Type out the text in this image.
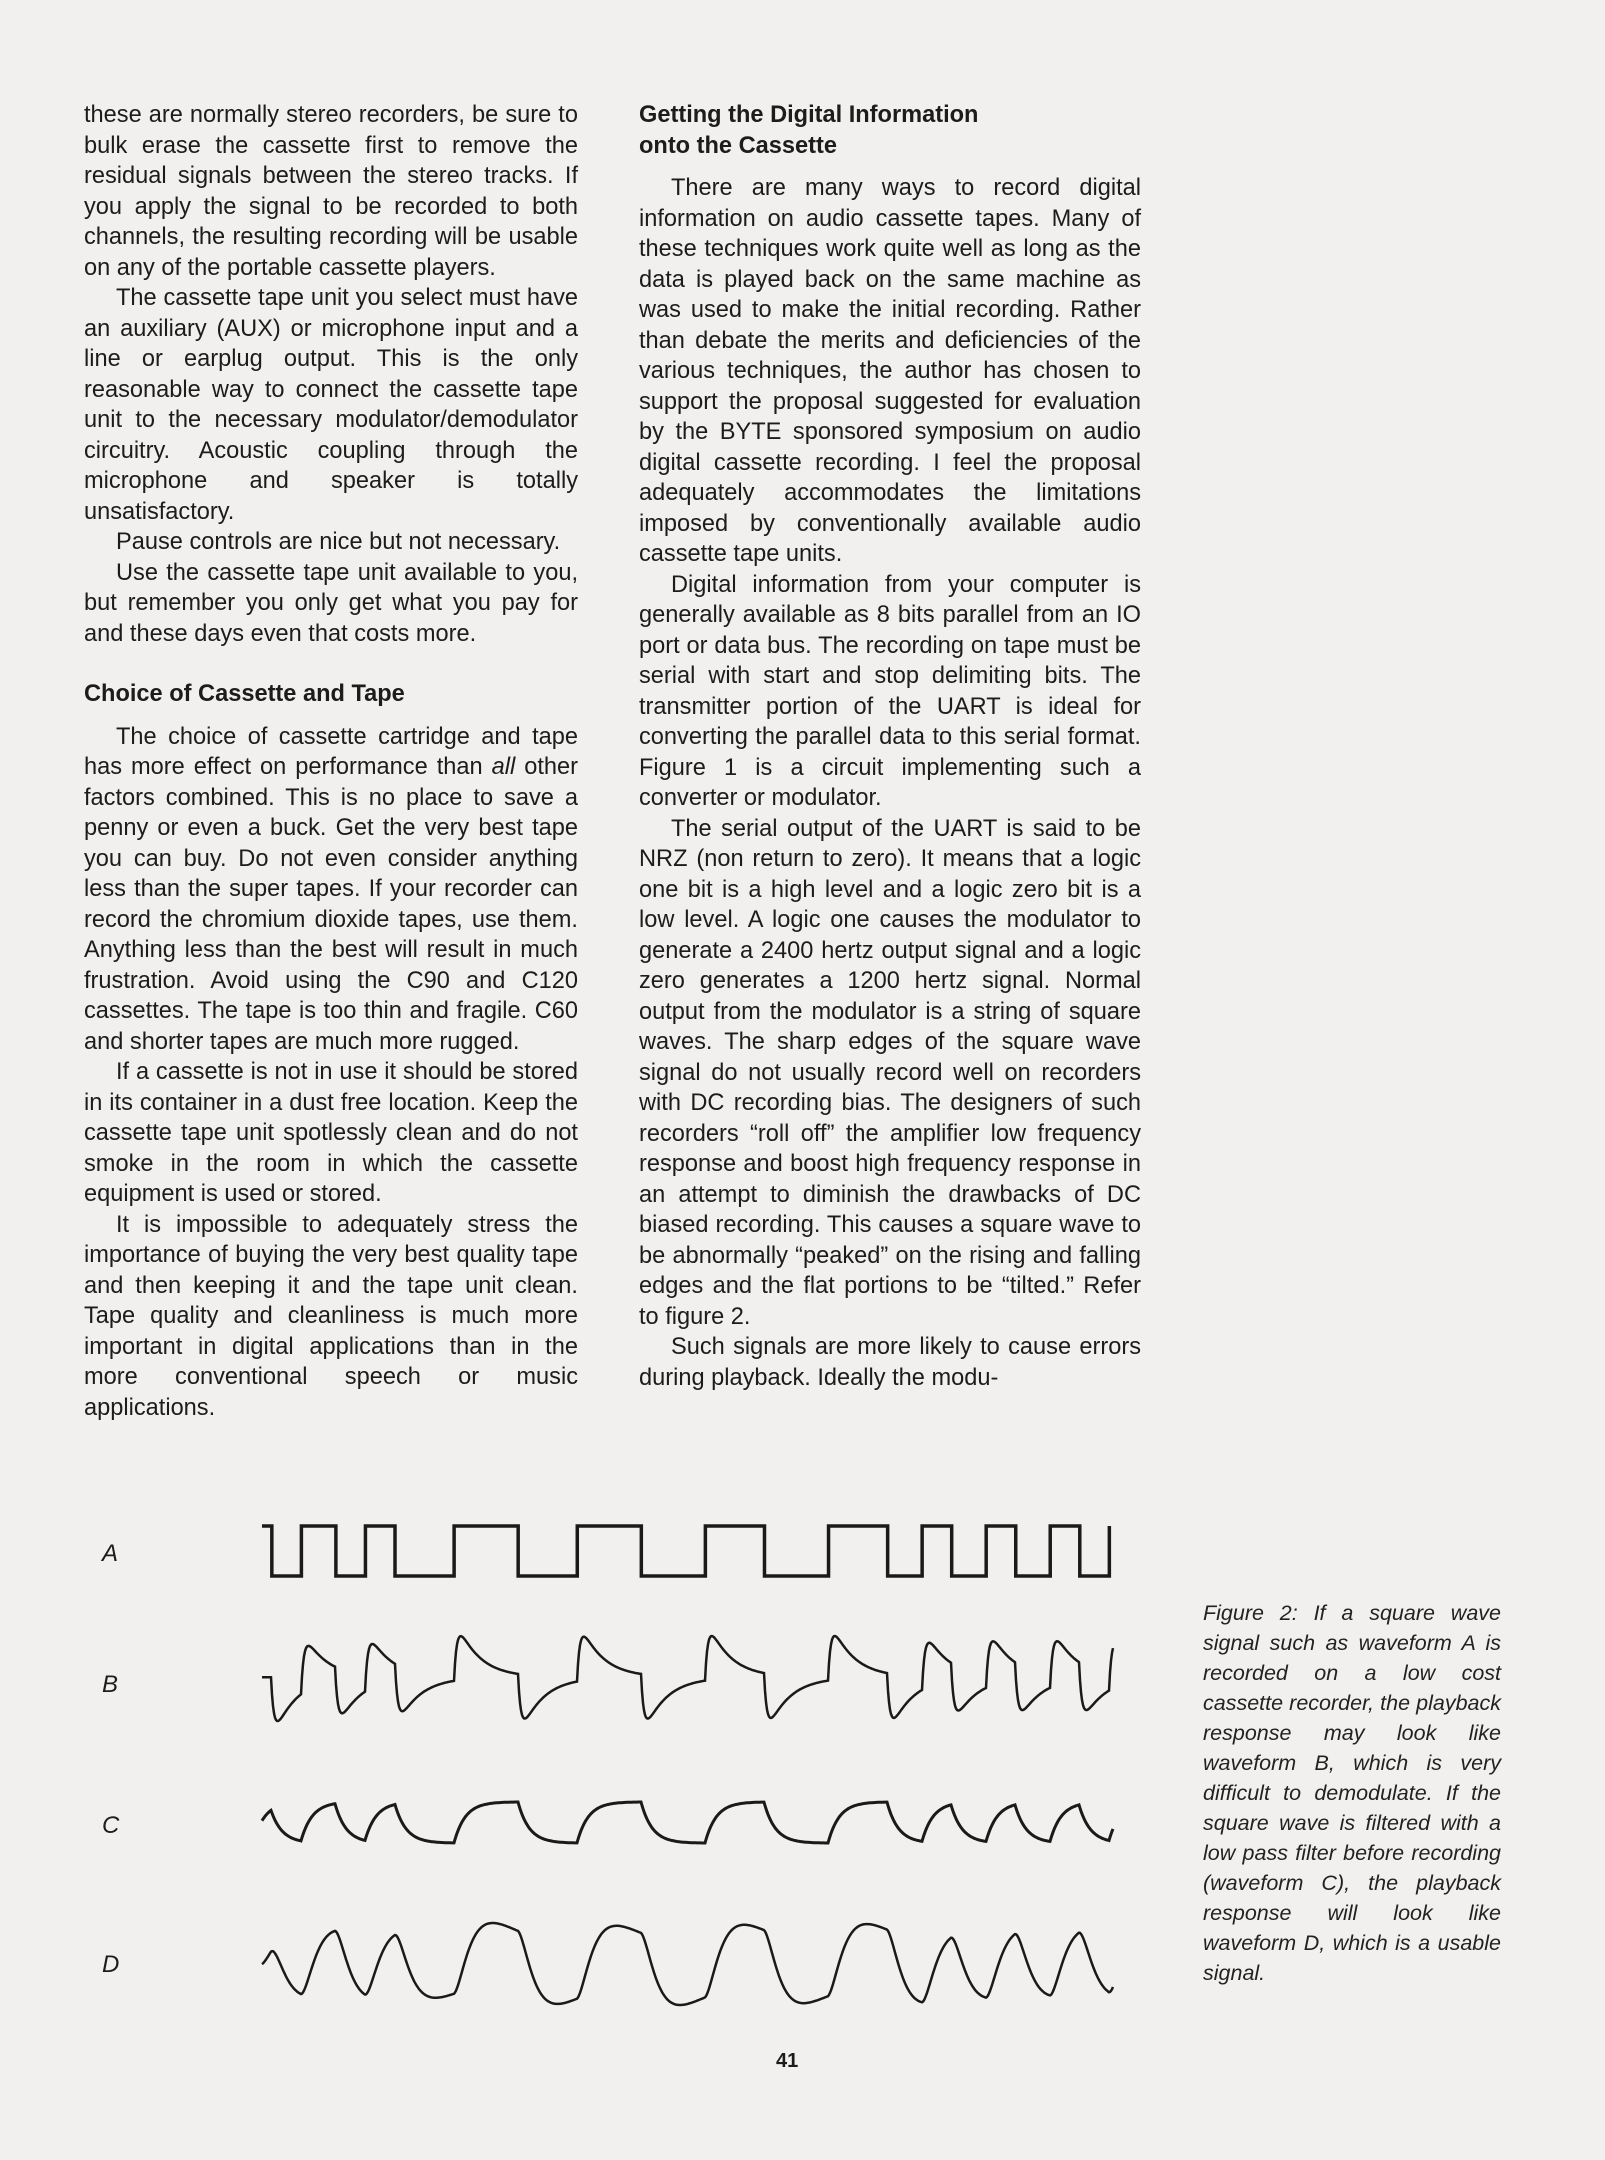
these are normally stereo recorders, be sure to bulk erase the cassette first to remove the residual signals between the stereo tracks. If you apply the signal to be recorded to both channels, the resulting recording will be usable on any of the portable cassette players.

The cassette tape unit you select must have an auxiliary (AUX) or microphone input and a line or earplug output. This is the only reasonable way to connect the cassette tape unit to the necessary modulator/demodulator circuitry. Acoustic coupling through the microphone and speaker is totally unsatisfactory.

Pause controls are nice but not necessary.

Use the cassette tape unit available to you, but remember you only get what you pay for and these days even that costs more.

Choice of Cassette and Tape

The choice of cassette cartridge and tape has more effect on performance than all other factors combined. This is no place to save a penny or even a buck. Get the very best tape you can buy. Do not even consider anything less than the super tapes. If your recorder can record the chromium dioxide tapes, use them. Anything less than the best will result in much frustration. Avoid using the C90 and C120 cassettes. The tape is too thin and fragile. C60 and shorter tapes are much more rugged.

If a cassette is not in use it should be stored in its container in a dust free location. Keep the cassette tape unit spotlessly clean and do not smoke in the room in which the cassette equipment is used or stored.

It is impossible to adequately stress the importance of buying the very best quality tape and then keeping it and the tape unit clean. Tape quality and cleanliness is much more important in digital applications than in the more conventional speech or music applications.

Getting the Digital Information
onto the Cassette

There are many ways to record digital information on audio cassette tapes. Many of these techniques work quite well as long as the data is played back on the same machine as was used to make the initial recording. Rather than debate the merits and deficiencies of the various techniques, the author has chosen to support the proposal suggested for evaluation by the BYTE sponsored symposium on audio digital cassette recording. I feel the proposal adequately accommodates the limitations imposed by conventionally available audio cassette tape units.

Digital information from your computer is generally available as 8 bits parallel from an IO port or data bus. The recording on tape must be serial with start and stop delimiting bits. The transmitter portion of the UART is ideal for converting the parallel data to this serial format. Figure 1 is a circuit implementing such a converter or modulator.

The serial output of the UART is said to be NRZ (non return to zero). It means that a logic one bit is a high level and a logic zero bit is a low level. A logic one causes the modulator to generate a 2400 hertz output signal and a logic zero generates a 1200 hertz signal. Normal output from the modulator is a string of square waves. The sharp edges of the square wave signal do not usually record well on recorders with DC recording bias. The designers of such recorders “roll off” the amplifier low frequency response and boost high frequency response in an attempt to diminish the drawbacks of DC biased recording. This causes a square wave to be abnormally “peaked” on the rising and falling edges and the flat portions to be “tilted.” Refer to figure 2.

Such signals are more likely to cause errors during playback. Ideally the modu-

A
B
C
D
Figure 2: If a square wave signal such as waveform A is recorded on a low cost cassette recorder, the playback response may look like waveform B, which is very difficult to demodulate. If the square wave is filtered with a low pass filter before recording (waveform C), the playback response will look like waveform D, which is a usable signal.
41
